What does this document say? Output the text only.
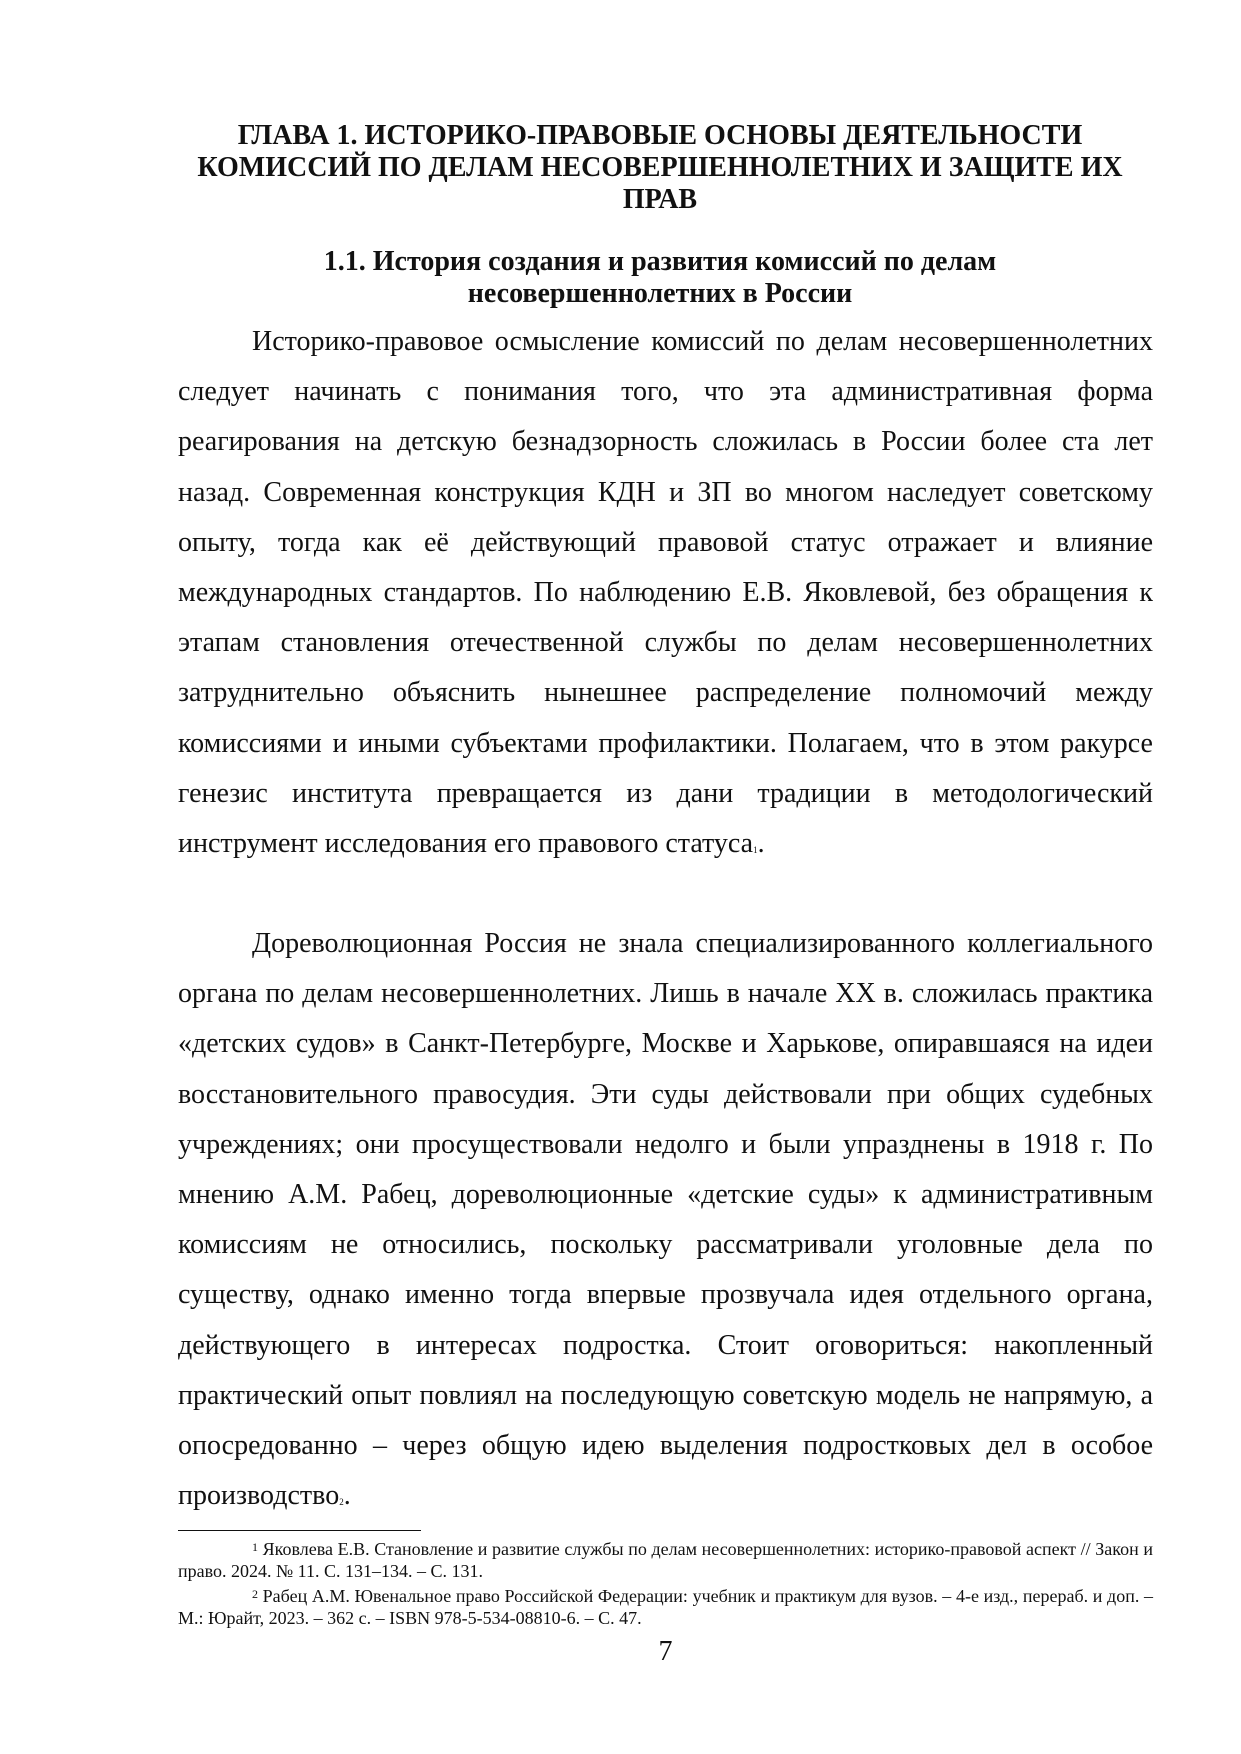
ГЛАВА 1. ИСТОРИКО-ПРАВОВЫЕ ОСНОВЫ ДЕЯТЕЛЬНОСТИ КОМИССИЙ ПО ДЕЛАМ НЕСОВЕРШЕННОЛЕТНИХ И ЗАЩИТЕ ИХ ПРАВ
1.1. История создания и развития комиссий по делам
несовершеннолетних в России

Историко-правовое осмысление комиссий по делам несовершеннолетних следует начинать с понимания того, что эта административная форма реагирования на детскую безнадзорность сложилась в России более ста лет назад. Современная конструкция КДН и ЗП во многом наследует советскому опыту, тогда как её действующий правовой статус отражает и влияние международных стандартов. По наблюдению Е.В. Яковлевой, без обращения к этапам становления отечественной службы по делам несовершеннолетних затруднительно объяснить нынешнее распределение полномочий между комиссиями и иными субъектами профилактики. Полагаем, что в этом ракурсе генезис института превращается из дани традиции в методологический инструмент исследования его правового статуса$^1$.

Дореволюционная Россия не знала специализированного коллегиального органа по делам несовершеннолетних. Лишь в начале XX в. сложилась практика «детских судов» в Санкт-Петербурге, Москве и Харькове, опиравшаяся на идеи восстановительного правосудия. Эти суды действовали при общих судебных учреждениях; они просуществовали недолго и были упразднены в 1918 г. По мнению А.М. Рабец, дореволюционные «детские суды» к административным комиссиям не относились, поскольку рассматривали уголовные дела по существу, однако именно тогда впервые прозвучала идея отдельного органа, действующего в интересах подростка. Стоит оговориться: накопленный практический опыт повлиял на последующую советскую модель не напрямую, а опосредованно – через общую идею выделения подростковых дел в особое производство$^2$.

$^1$ Яковлева Е.В. Становление и развитие службы по делам несовершеннолетних: историко-правовой аспект // Закон и право. 2024. № 11. С. 131–134. – С. 131.

$^2$ Рабец А.М. Ювенальное право Российской Федерации: учебник и практикум для вузов. – 4-е изд., перераб. и доп. – М.: Юрайт, 2023. – 362 с. – ISBN 978-5-534-08810-6. – С. 47.

7
